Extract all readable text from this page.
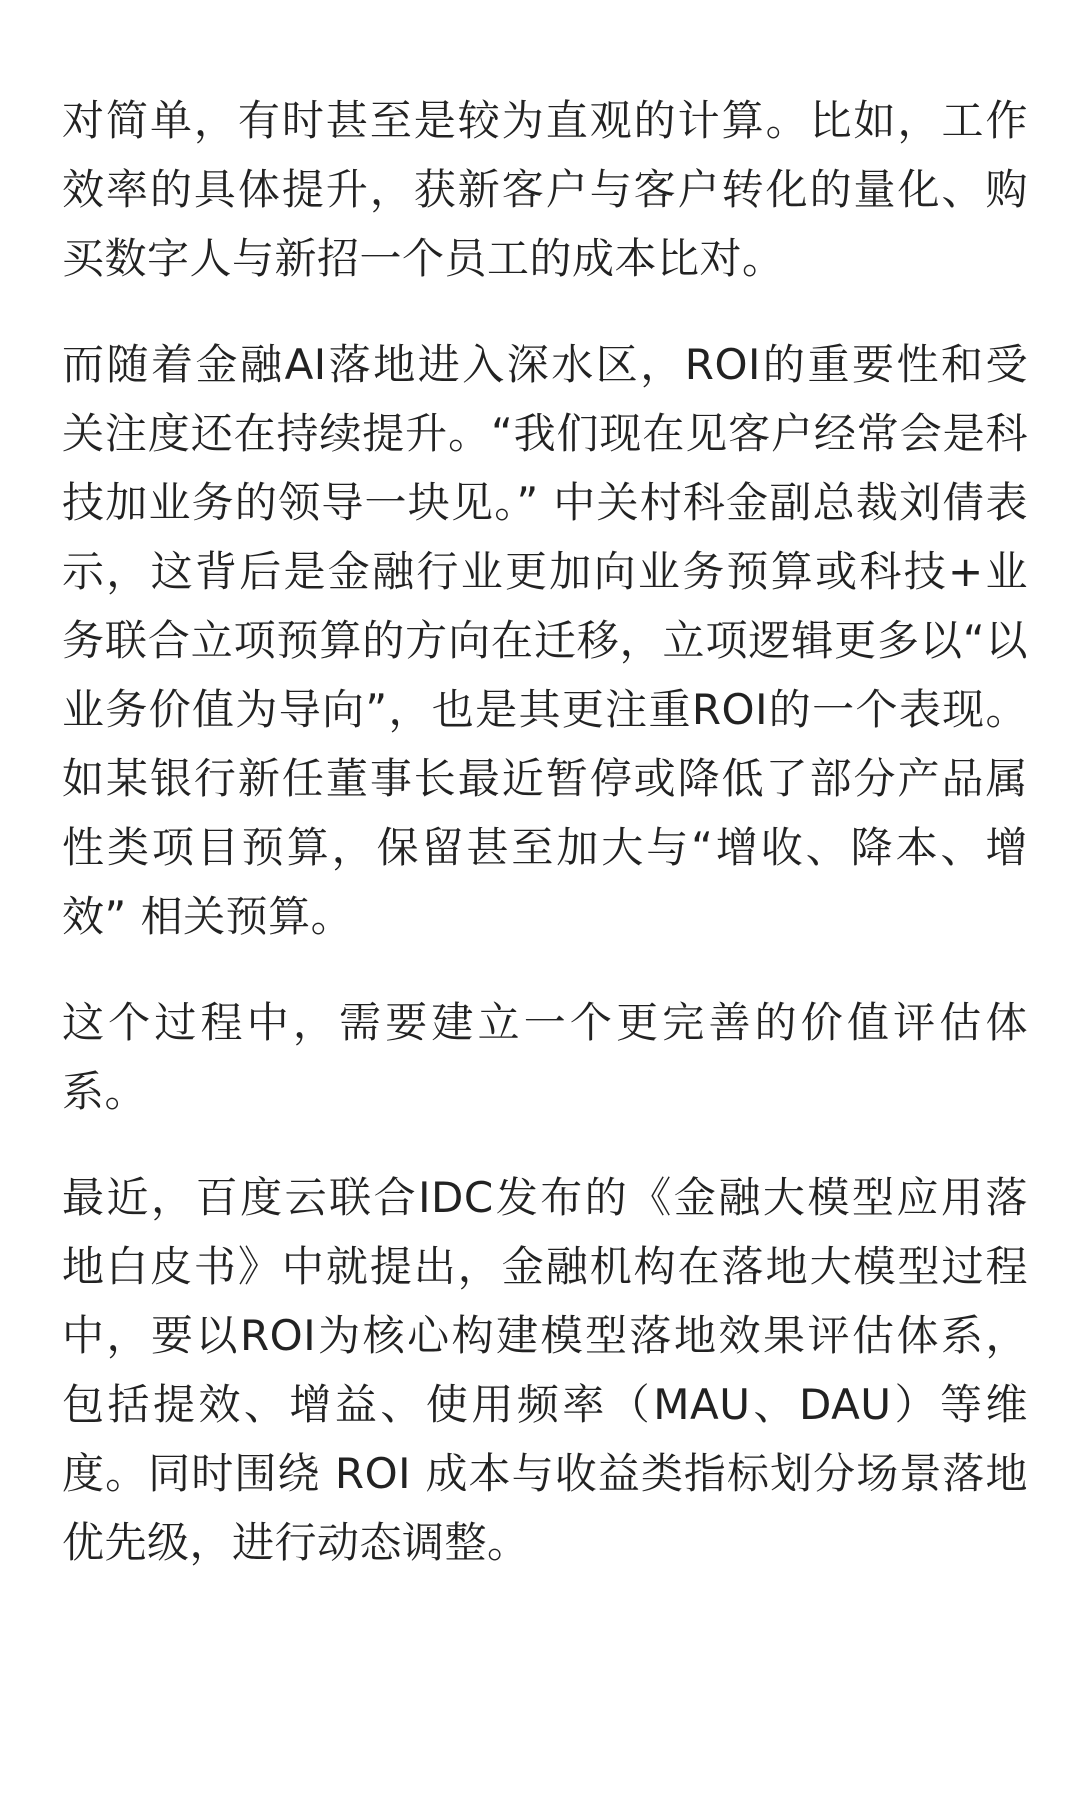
对简单，有时甚至是较为直观的计算。比如，工作效率的具体提升，获新客户与客户转化的量化、购买数字人与新招一个员工的成本比对。

而随着金融AI落地进入深水区，ROI的重要性和受关注度还在持续提升。“我们现在见客户经常会是科技加业务的领导一块见。” 中关村科金副总裁刘倩表示，这背后是金融行业更加向业务预算或科技+业务联合立项预算的方向在迁移，立项逻辑更多以“以业务价值为导向”，也是其更注重ROI的一个表现。如某银行新任董事长最近暂停或降低了部分产品属性类项目预算，保留甚至加大与“增收、降本、增效” 相关预算。

这个过程中，需要建立一个更完善的价值评估体系。

最近，百度云联合IDC发布的《金融大模型应用落地白皮书》中就提出，金融机构在落地大模型过程中，要以ROI为核心构建模型落地效果评估体系，包括提效、增益、使用频率（MAU、DAU）等维度。同时围绕 ROI 成本与收益类指标划分场景落地优先级，进行动态调整。
